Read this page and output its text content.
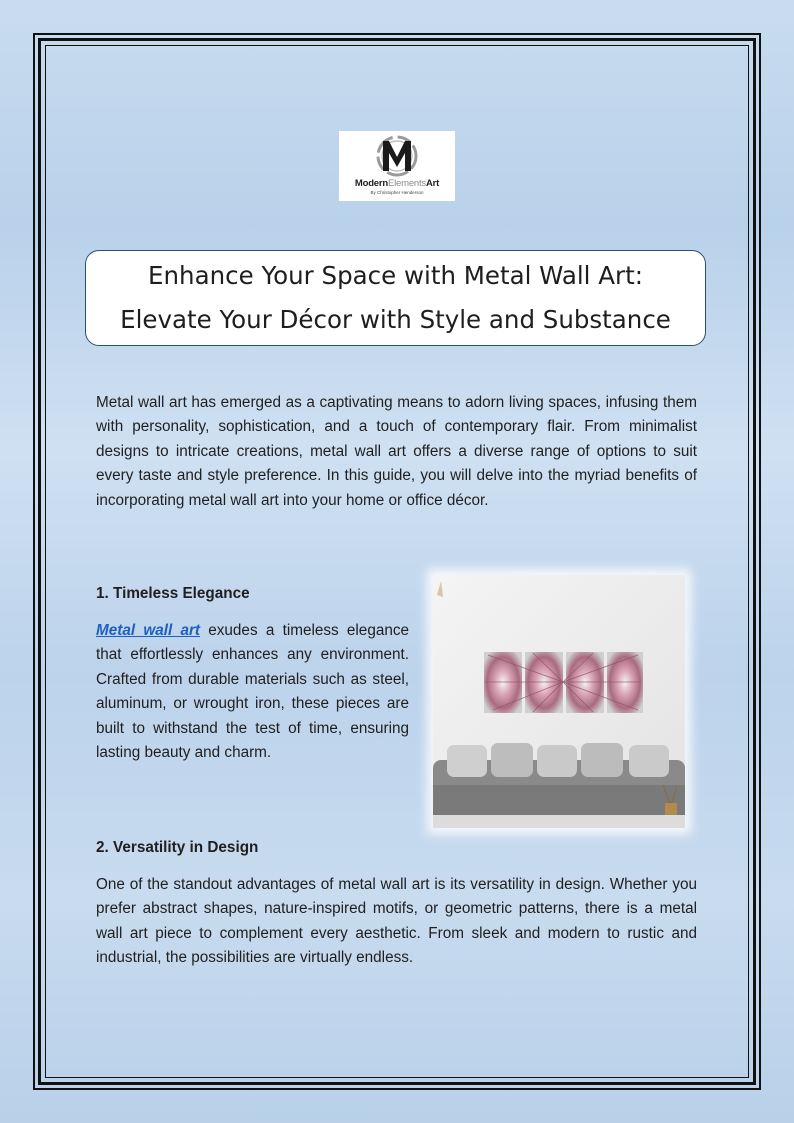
ModernElementsArt
By Christopher Henderson
Enhance Your Space with Metal Wall Art:
Elevate Your Décor with Style and Substance

Metal wall art has emerged as a captivating means to adorn living spaces, infusing them with personality, sophistication, and a touch of contemporary flair. From minimalist designs to intricate creations, metal wall art offers a diverse range of options to suit every taste and style preference. In this guide, you will delve into the myriad benefits of incorporating metal wall art into your home or office décor.

1. Timeless Elegance

Metal wall art exudes a timeless elegance that effortlessly enhances any environment. Crafted from durable materials such as steel, aluminum, or wrought iron, these pieces are built to withstand the test of time, ensuring lasting beauty and charm.

2. Versatility in Design

One of the standout advantages of metal wall art is its versatility in design. Whether you prefer abstract shapes, nature-inspired motifs, or geometric patterns, there is a metal wall art piece to complement every aesthetic. From sleek and modern to rustic and industrial, the possibilities are virtually endless.
